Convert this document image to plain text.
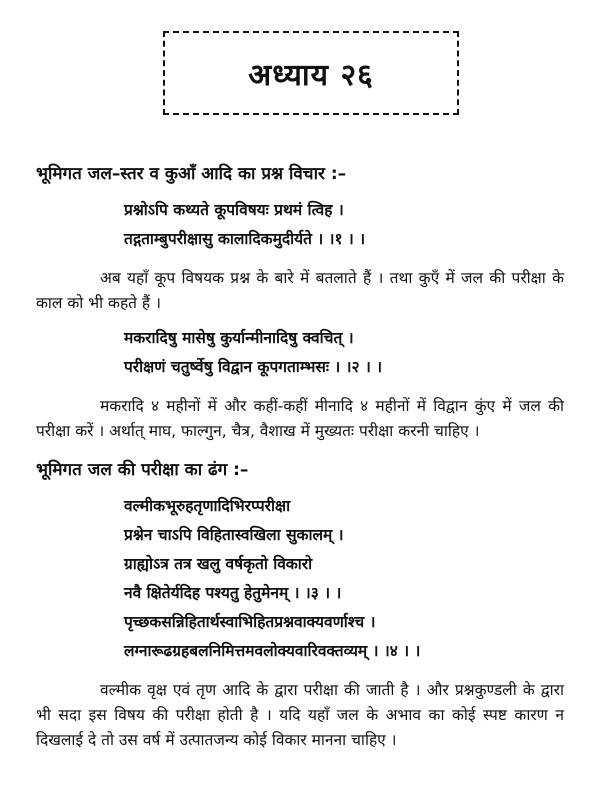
अध्याय २६

भूमिगत जल–स्तर व कुआँ आदि का प्रश्न विचार :–

प्रश्नोऽपि कथ्यते कूपविषयः प्रथमं त्विह ।

तद्गताम्बुपरीक्षासु कालादिकमुदीर्यते । ।१ । ।

अब यहाँ कूप विषयक प्रश्न के बारे में बतलाते हैं । तथा कुएँ में जल की परीक्षा के काल को भी कहते हैं ।

मकरादिषु मासेषु कुर्यान्मीनादिषु क्वचित् ।

परीक्षणं चतुर्ष्वेषु विद्वान कूपगताम्भसः । ।२ । ।

मकरादि ४ महीनों में और कहीं-कहीं मीनादि ४ महीनों में विद्वान कुंए में जल की परीक्षा करें । अर्थात् माघ, फाल्गुन, चैत्र, वैशाख में मुख्यतः परीक्षा करनी चाहिए ।

भूमिगत जल की परीक्षा का ढंग :–

वल्मीकभूरुहतृणादिभिरप्परीक्षा

प्रश्नेन चाऽपि विहितास्वखिला सुकालम् ।

ग्राह्योऽत्र तत्र खलु वर्षकृतो विकारो

नवै क्षितेर्यदिह पश्यतु हेतुमेनम् । ।३ । ।

पृच्छकसन्निहितार्थस्वाभिहितप्रश्नवाक्यवर्णाश्च ।

लग्नारूढग्रहबलनिमित्तमवलोक्यवारिवक्तव्यम् । ।४ । ।

वल्मीक वृक्ष एवं तृण आदि के द्वारा परीक्षा की जाती है । और प्रश्नकुण्डली के द्वारा भी सदा इस विषय की परीक्षा होती है । यदि यहाँ जल के अभाव का कोई स्पष्ट कारण न दिखलाई दे तो उस वर्ष में उत्पातजन्य कोई विकार मानना चाहिए ।
